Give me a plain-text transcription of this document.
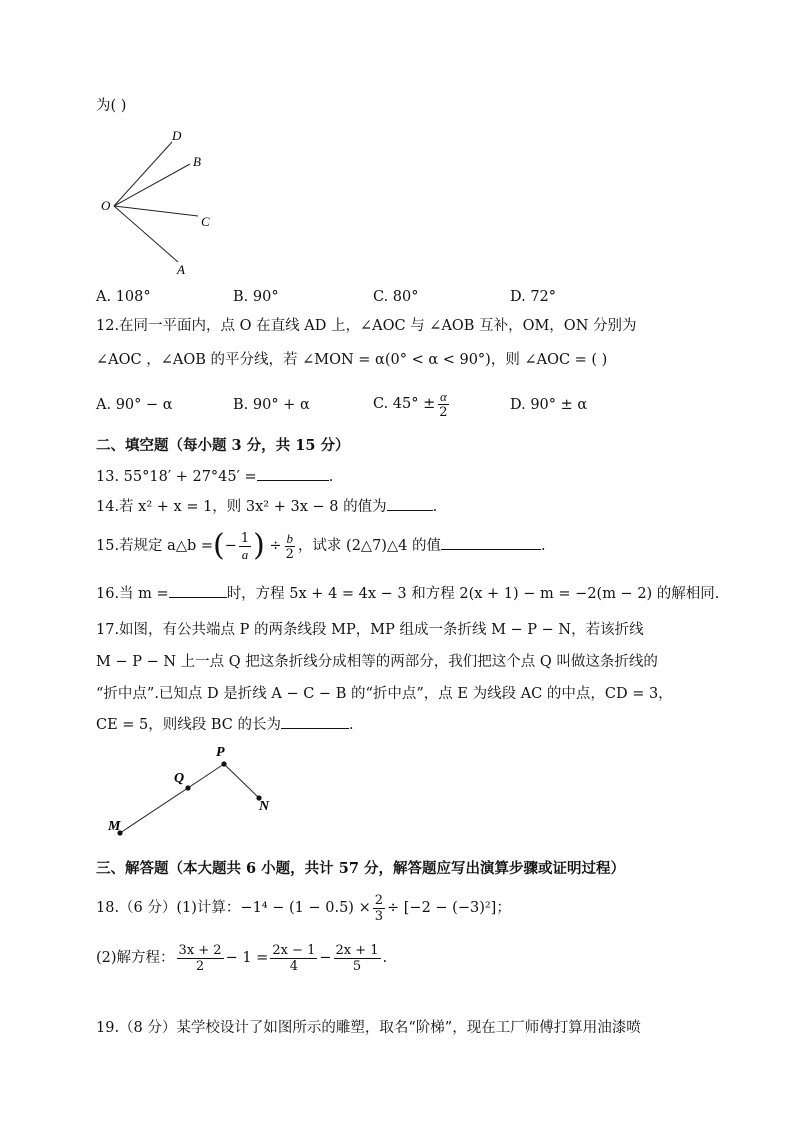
为( )
D
B
O
C
A
A. 108°	B. 90°	C. 80°	D. 72°
12.在同一平面内，点 O 在直线 AD 上，∠AOC 与 ∠AOB 互补，OM，ON 分别为
∠AOC ，∠AOB 的平分线，若 ∠MON = α(0° < α < 90°)，则 ∠AOC = ( )
A. 90° − α	B. 90° + α	C. $45^\circ \pm \frac{\alpha}{2}$	D. 90° ± α
二、填空题（每小题 3 分，共 15 分）
13. 55°18′ + 27°45′ =	.
14.若 x² + x = 1，则 3x² + 3x − 8 的值为	.
15.若规定 a△b =(− $\frac{1}{a}$ ) ÷ $\frac{b}{2}$ ，试求 (2△7)△4 的值	.
16.当 m =	时，方程 5x + 4 = 4x − 3 和方程 2(x + 1) − m = −2(m − 2) 的解相同.
17.如图，有公共端点 P 的两条线段 MP，MP 组成一条折线 M − P − N，若该折线
M − P − N 上一点 Q 把这条折线分成相等的两部分，我们把这个点 Q 叫做这条折线的
“折中点”.已知点 D 是折线 A − C − B 的“折中点”，点 E 为线段 AC 的中点，CD = 3，
CE = 5，则线段 BC 的长为	.
P
Q
M
N
三、解答题（本大题共 6 小题，共计 57 分，解答题应写出演算步骤或证明过程）
18.（6 分）(1)计算：$-1^4 - (1 - 0.5) \times \frac{2}{3} \div [-2 - (-3)^2]$；
(2)解方程： $\frac{3x + 2}{2} - 1 = \frac{2x - 1}{4} - \frac{2x + 1}{5}$ .
19.（8 分）某学校设计了如图所示的雕塑，取名“阶梯”，现在工厂师傅打算用油漆喷
